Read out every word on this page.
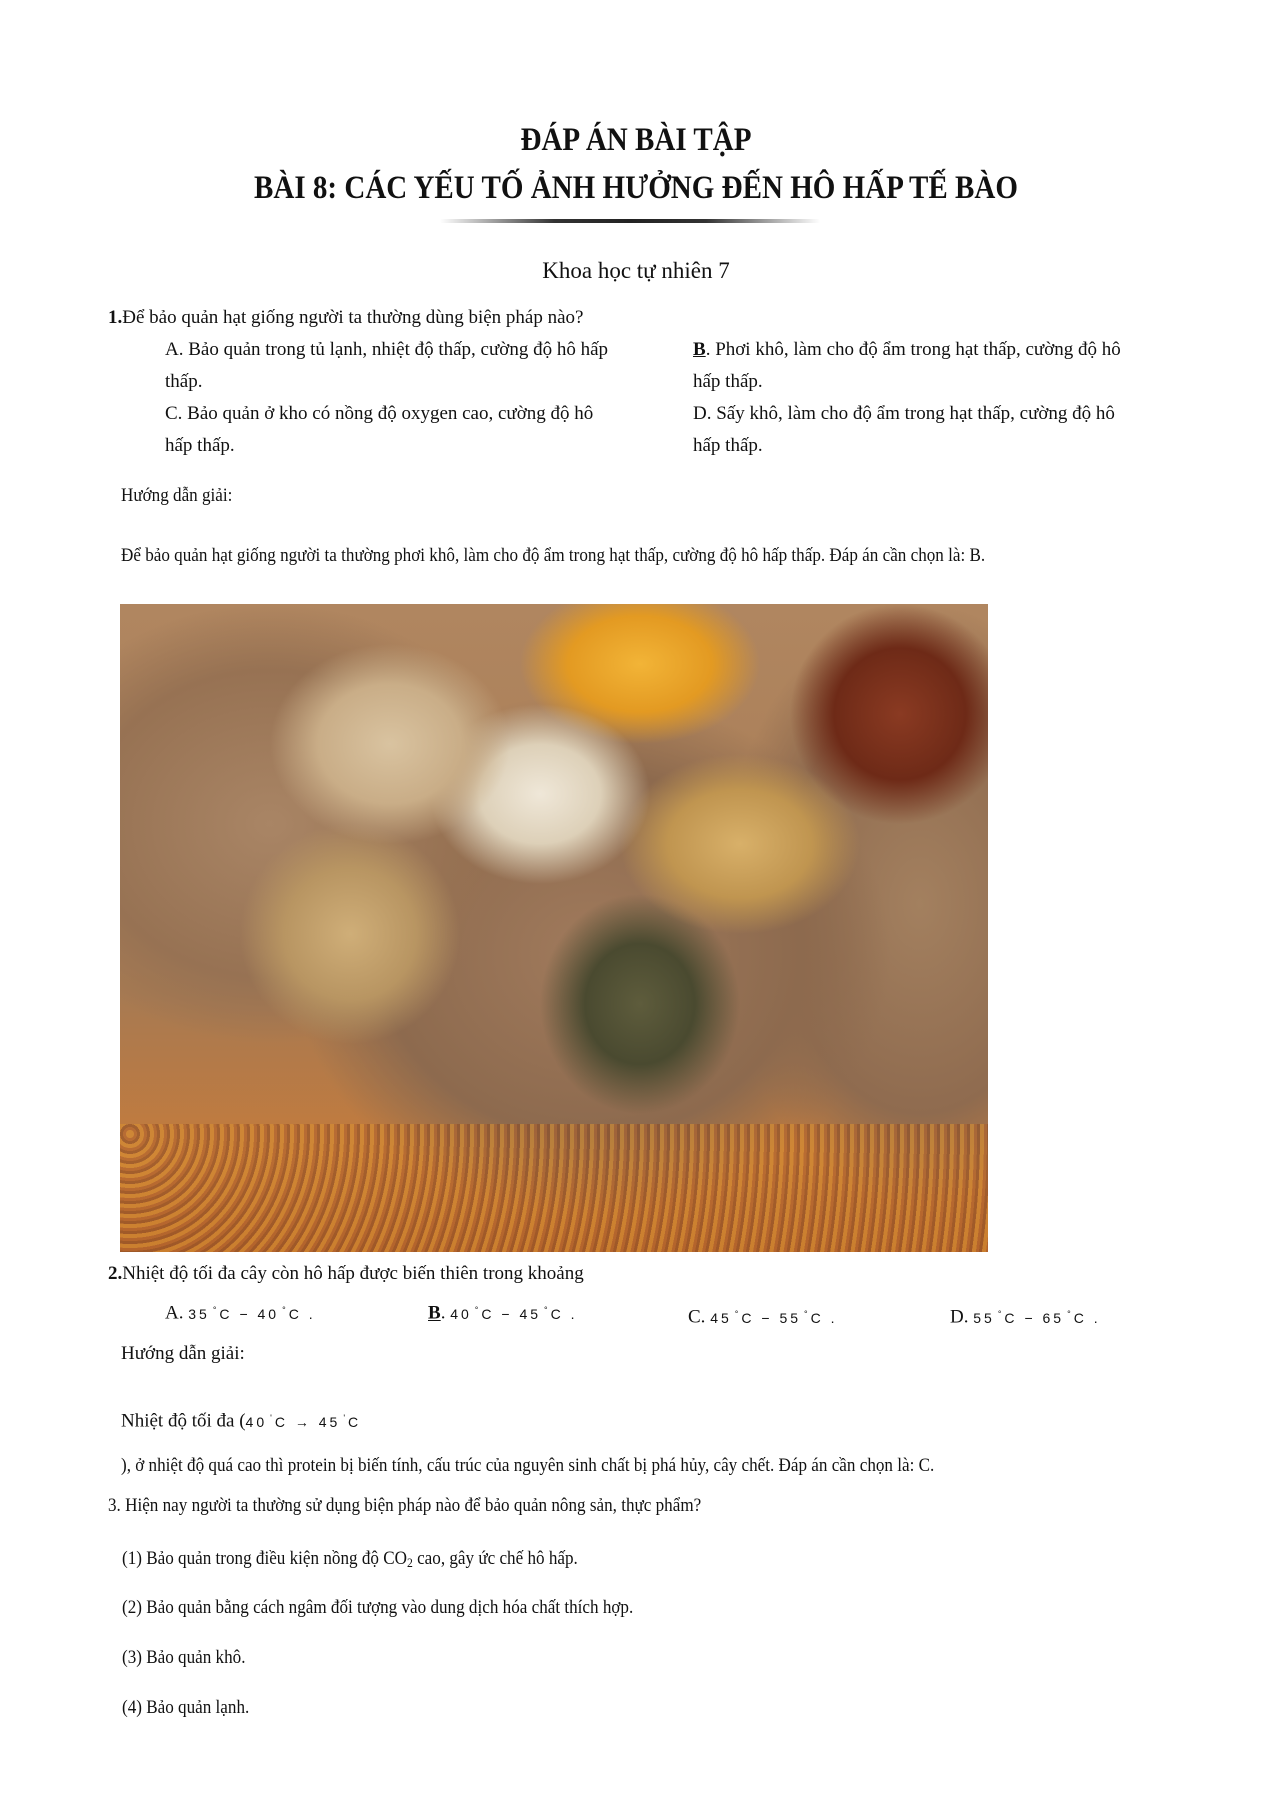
ĐÁP ÁN BÀI TẬP
BÀI 8: CÁC YẾU TỐ ẢNH HƯỞNG ĐẾN HÔ HẤP TẾ BÀO
Khoa học tự nhiên 7
1.Để bảo quản hạt giống người ta thường dùng biện pháp nào?
A. Bảo quản trong tủ lạnh, nhiệt độ thấp, cường độ hô hấp
thấp.
C. Bảo quản ở kho có nồng độ oxygen cao, cường độ hô
hấp thấp.
B. Phơi khô, làm cho độ ẩm trong hạt thấp, cường độ hô
hấp thấp.
D. Sấy khô, làm cho độ ẩm trong hạt thấp, cường độ hô
hấp thấp.
Hướng dẫn giải:
Để bảo quản hạt giống người ta thường phơi khô, làm cho độ ẩm trong hạt thấp, cường độ hô hấp thấp. Đáp án cần chọn là: B.
2.Nhiệt độ tối đa cây còn hô hấp được biến thiên trong khoảng
A. 35 ° C − 40 ° C .	B. 40 ° C − 45 ° C .	C. 45 ° C − 55 ° C .	D. 55 ° C − 65 ° C .
Hướng dẫn giải:
Nhiệt độ tối đa (40 ' C → 45 ' C
), ở nhiệt độ quá cao thì protein bị biến tính, cấu trúc của nguyên sinh chất bị phá hủy, cây chết. Đáp án cần chọn là: C.
3. Hiện nay người ta thường sử dụng biện pháp nào để bảo quản nông sản, thực phẩm?
(1) Bảo quản trong điều kiện nồng độ $CO_2$ cao, gây ức chế hô hấp.
(2) Bảo quản bằng cách ngâm đối tượng vào dung dịch hóa chất thích hợp.
(3) Bảo quản khô.
(4) Bảo quản lạnh.
